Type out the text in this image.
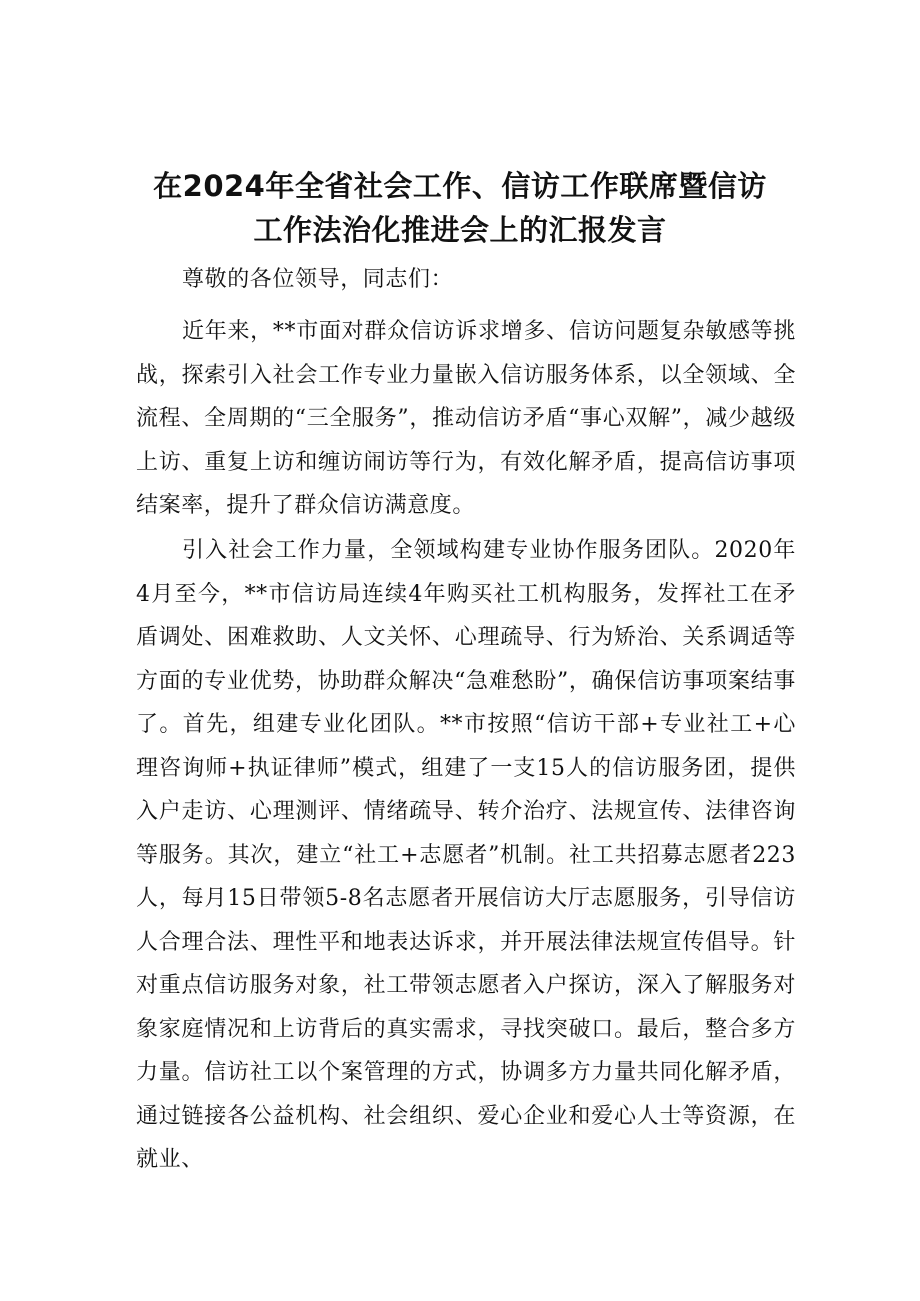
在2024年全省社会工作、信访工作联席暨信访
工作法治化推进会上的汇报发言
尊敬的各位领导，同志们：

近年来，**市面对群众信访诉求增多、信访问题复杂敏感等挑战，探索引入社会工作专业力量嵌入信访服务体系，以全领域、全流程、全周期的“三全服务”，推动信访矛盾“事心双解”，减少越级上访、重复上访和缠访闹访等行为，有效化解矛盾，提高信访事项结案率，提升了群众信访满意度。

引入社会工作力量，全领域构建专业协作服务团队。2020年4月至今，**市信访局连续4年购买社工机构服务，发挥社工在矛盾调处、困难救助、人文关怀、心理疏导、行为矫治、关系调适等方面的专业优势，协助群众解决“急难愁盼”，确保信访事项案结事了。首先，组建专业化团队。**市按照“信访干部+专业社工+心理咨询师+执证律师”模式，组建了一支15人的信访服务团，提供入户走访、心理测评、情绪疏导、转介治疗、法规宣传、法律咨询等服务。其次，建立“社工+志愿者”机制。社工共招募志愿者223人，每月15日带领5-8名志愿者开展信访大厅志愿服务，引导信访人合理合法、理性平和地表达诉求，并开展法律法规宣传倡导。针对重点信访服务对象，社工带领志愿者入户探访，深入了解服务对象家庭情况和上访背后的真实需求，寻找突破口。最后，整合多方力量。信访社工以个案管理的方式，协调多方力量共同化解矛盾，通过链接各公益机构、社会组织、爱心企业和爱心人士等资源，在就业、
